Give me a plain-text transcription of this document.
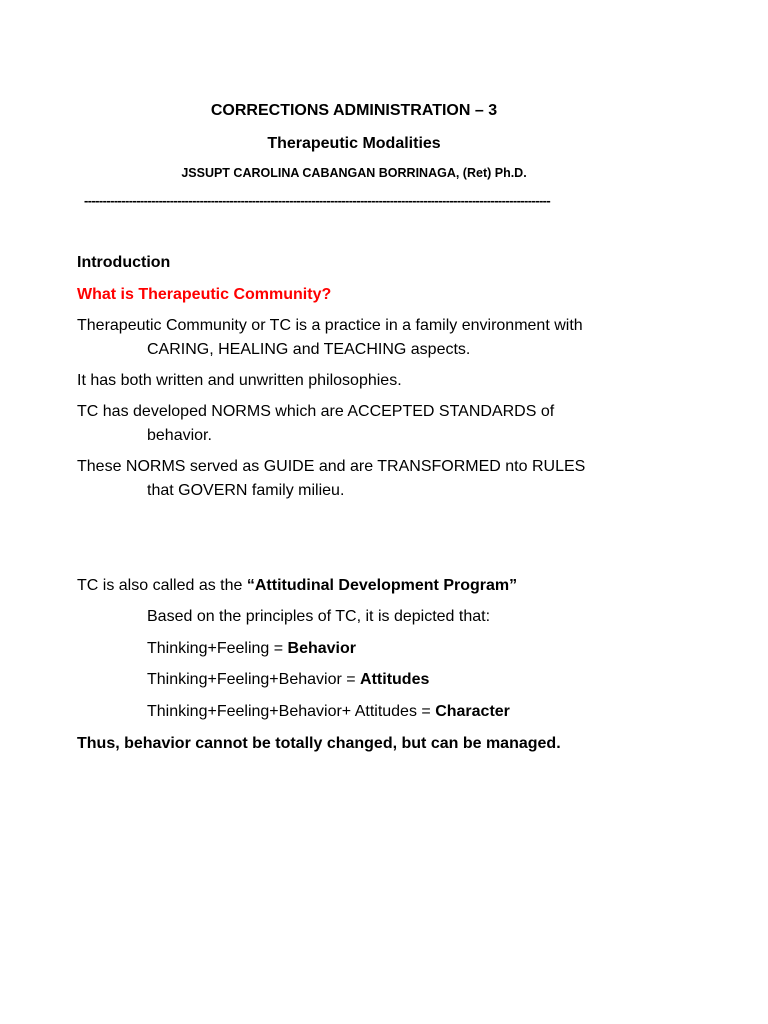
CORRECTIONS ADMINISTRATION – 3
Therapeutic Modalities
JSSUPT CAROLINA CABANGAN BORRINAGA, (Ret) Ph.D.
-----------------------------------------------------------------------------------------------------------------------------
Introduction
What is Therapeutic Community?
Therapeutic Community or TC is a practice in a family environment with
CARING, HEALING and TEACHING aspects.
It has both written and unwritten philosophies.
TC has developed NORMS which are ACCEPTED STANDARDS of
behavior.
These NORMS served as GUIDE and are TRANSFORMED nto RULES
that GOVERN family milieu.
TC is also called as the “Attitudinal Development Program”
Based on the principles of TC, it is depicted that:
Thinking+Feeling = Behavior
Thinking+Feeling+Behavior = Attitudes
Thinking+Feeling+Behavior+ Attitudes = Character
Thus, behavior cannot be totally changed, but can be managed.
